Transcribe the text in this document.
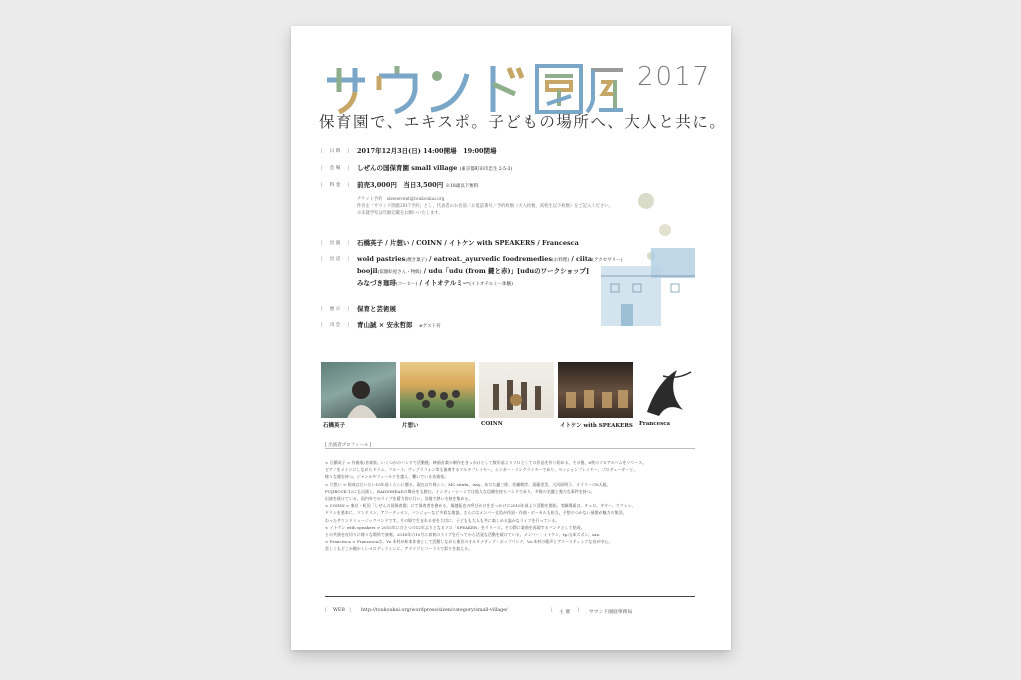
2017
保育園で、エキスポ。子どもの場所へ、大人と共に。
[ 日 時 ] 2017年12月3日(日) 14:00開場　19:00閉場
[ 会 場 ] しぜんの国保育園 small village (東京都町田市忠生 2-5-3)
[ 料 金 ] 前売3,000円　当日3,500円 ※18歳以下無料
チケット予約　sizenevent@toukoukai.org
件名を「サウンド園庭2017予約」とし、代表者のお名前／お電話番号／予約枚数（大人枚数、高校生以下枚数）をご記入ください。
※未就学児は年齢記載をお願いいたします。
[ 出 演 ] 石橋英子 / 片想い / COINN / イトケン with SPEAKERS / Francesca
[ 出 店 ] wold pastries(焼き菓子) / eatreat._ayurvedic foodremedies(お料理) / ciita(アクセサリー)
boojil(似顔絵屋さん・物販) / udu「udu (from 鍵と赤)」[uduのワークショップ]
みなづき珈琲(コーヒー) / イトオテルミー(イトオテルミー体験)
[ 展 示 ] 保育と芸術展
[ 司 会 ] 青山誠 × 安永哲郎　 ※ゲスト有
石橋英子	片想い	COINN	イトケン with SPEAKERS Francesca
[ 出演者プロフィール ]
< 石橋英子 > 作曲家/音楽家。いくつかのバンドで活動後、映画音楽の制作をきっかけとして数年前よりソロとしての作品を作り始める。その後、6枚のソロアルバムをリリース。
ピアノをメインにしながらドラム、フルート、ヴィブラフォン等も演奏するマルチプレイヤー。シンガー・ソングライターであり、セッションプレイヤー、プロデューサーと、
様々な顔を持つ。ジャンルやフィールドを越え、繋いでいる音楽家。
< 片想い > 結成はだいたい10年前くらいに遡る。現在は片岡シン、MC.sirafu、issy、あだち麗三郎、伴瀬朝彦、遠藤里美、大河原明子、オラリーの8人組。
FUJIROCK'12にも出演し、RADIOHEADの舞台をも踏む。インディーシーンでは他人な信頼を持ちバンドであり、多数の名盤と強力な事件を持つ。
出演を続けている。国内外でのライブを精力的に行い、各地で熱い支持を集める。
< COINN > 東京・町田「しぜんの国保育園」にて保育者を務める、塚越拓也の呼びかけをきっかけに2010年頃より活動を開始。実験場面は、チェロ、ギター、ウクレレ、
ドラムを基本に、マンドリン、アコーディオン、バンジョーなど多彩な楽器。さらにはメンバー全員が作詞・作曲・ボーカルも担当。予想のつかない展開が魅力の集団。
わったサウンドミュージックバンドです。その場で生まれる音を大切に、子どもも大人も共に楽しめる温かなライブを行っている。
< イトケン with speakers > 2015年にひとつの12年ぶりとなるソロ「SPEAKER」をリリース。その際に楽曲を再現するバンドとして結成。
との共演を皮切りに様々な場所で演奏。2016年の10月に真初のライブを行ってから活発な活動を続けている。メンバー：イトケン、tp.山本ズボン、sax.
< Francesca > Francescaは、Vo.木村が絵本作家として活動しながら東京のオルタナティブ・ポップバンド、Vo.木村の歌声とアコースティックな音が中心。
美しくもどこか懐かしいメロディラインに、アドリブとコーラスで彩りを加える。
[ WEB ] http://toukoukai.org/wordpress/sizen/category/small-village/	[ 主 催 ] サウンド園庭事務局
